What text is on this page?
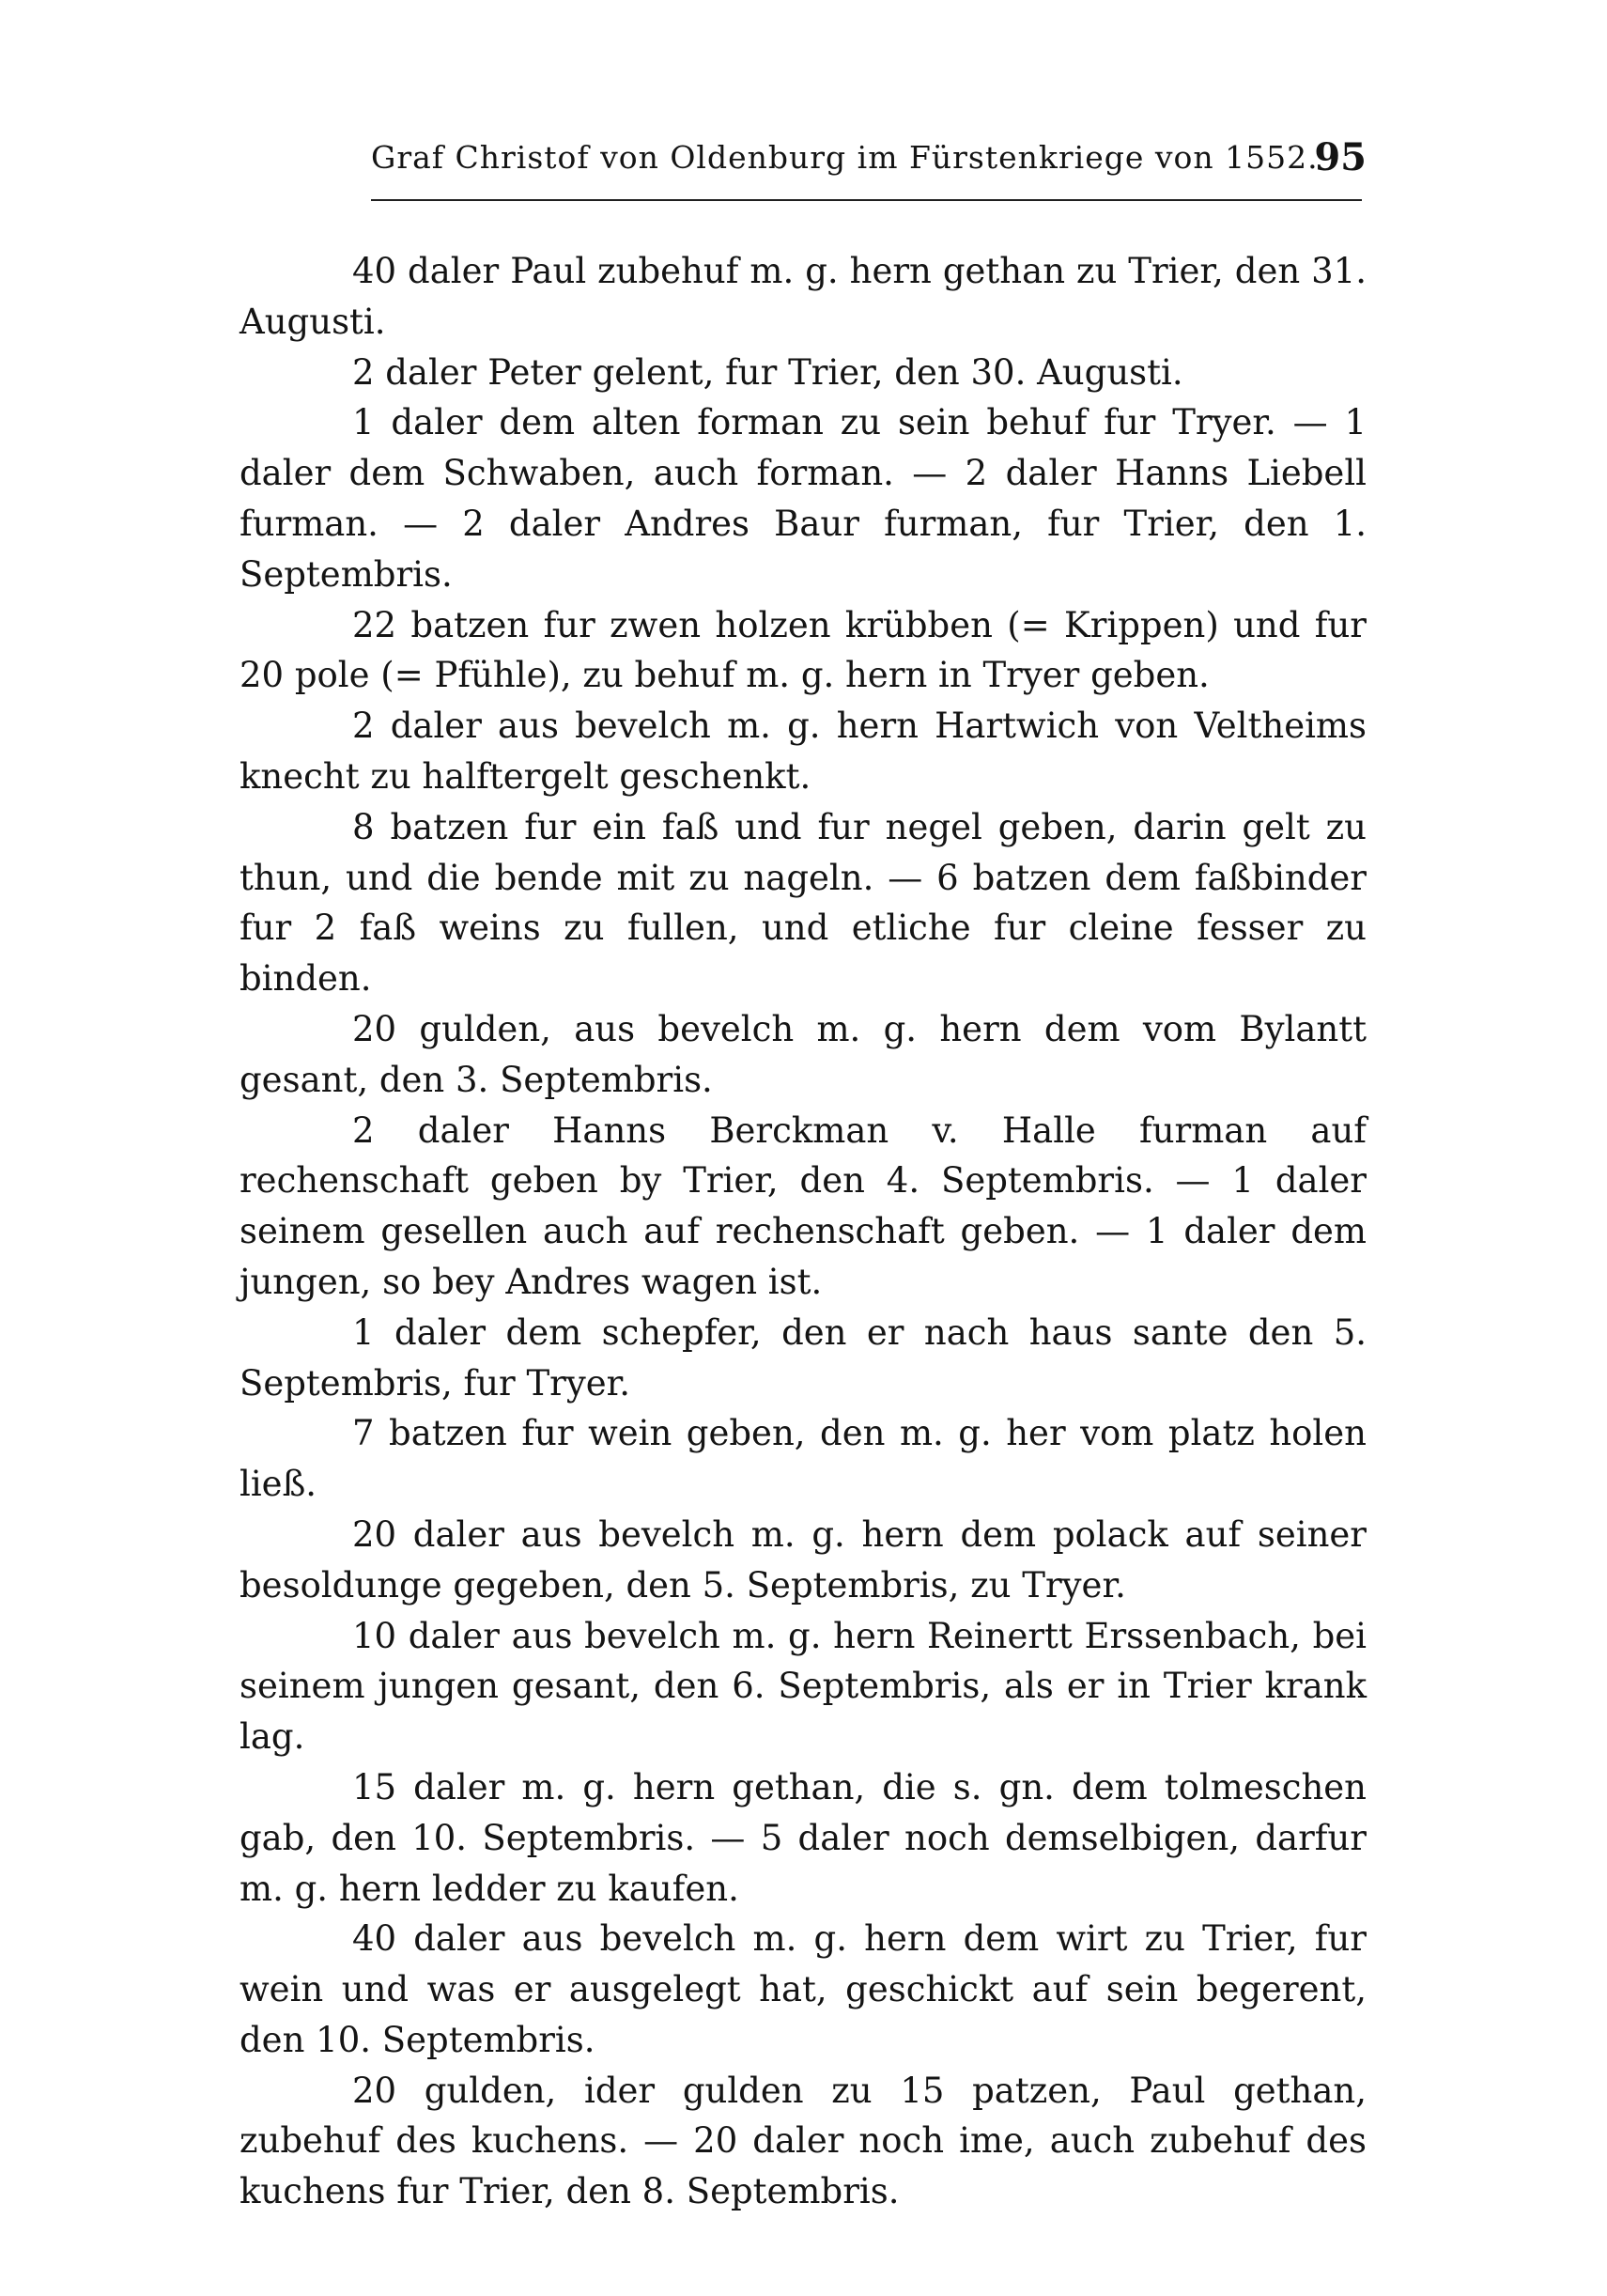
Graf Christof von Oldenburg im Fürstenkriege von 1552.
95

40 daler Paul zubehuf m. g. hern gethan zu Trier, den 31. Augusti.

2 daler Peter gelent, fur Trier, den 30. Augusti.

1 daler dem alten forman zu sein behuf fur Tryer. — 1 daler dem Schwaben, auch forman. — 2 daler Hanns Liebell furman. — 2 daler Andres Baur furman, fur Trier, den 1. Septembris.

22 batzen fur zwen holzen krübben (= Krippen) und fur 20 pole (= Pfühle), zu behuf m. g. hern in Tryer geben.

2 daler aus bevelch m. g. hern Hartwich von Veltheims knecht zu halftergelt geschenkt.

8 batzen fur ein faß und fur negel geben, darin gelt zu thun, und die bende mit zu nageln. — 6 batzen dem faßbinder fur 2 faß weins zu fullen, und etliche fur cleine fesser zu binden.

20 gulden, aus bevelch m. g. hern dem vom Bylantt gesant, den 3. Septembris.

2 daler Hanns Berckman v. Halle furman auf rechenschaft geben by Trier, den 4. Septembris. — 1 daler seinem gesellen auch auf rechenschaft geben. — 1 daler dem jungen, so bey Andres wagen ist.

1 daler dem schepfer, den er nach haus sante den 5. Septembris, fur Tryer.

7 batzen fur wein geben, den m. g. her vom platz holen ließ.

20 daler aus bevelch m. g. hern dem polack auf seiner besoldunge gegeben, den 5. Septembris, zu Tryer.

10 daler aus bevelch m. g. hern Reinertt Erssenbach, bei seinem jungen gesant, den 6. Septembris, als er in Trier krank lag.

15 daler m. g. hern gethan, die s. gn. dem tolmeschen gab, den 10. Septembris. — 5 daler noch demselbigen, darfur m. g. hern ledder zu kaufen.

40 daler aus bevelch m. g. hern dem wirt zu Trier, fur wein und was er ausgelegt hat, geschickt auf sein begerent, den 10. Septembris.

20 gulden, ider gulden zu 15 patzen, Paul gethan, zubehuf des kuchens. — 20 daler noch ime, auch zubehuf des kuchens fur Trier, den 8. Septembris.
